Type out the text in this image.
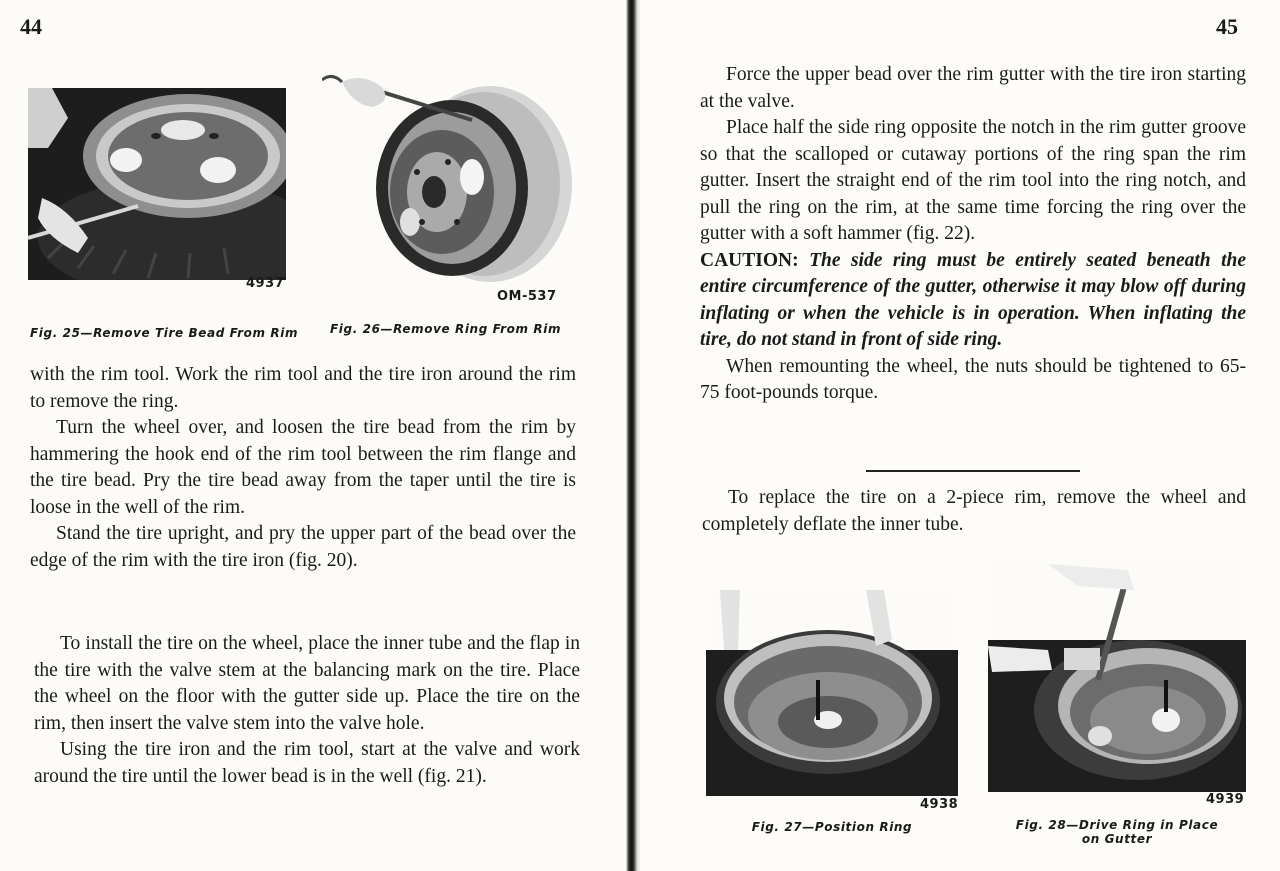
44
4937
OM-537
Fig. 25—Remove Tire Bead From Rim	Fig. 26—Remove Ring From Rim

with the rim tool. Work the rim tool and the tire iron around the rim to remove the ring.

Turn the wheel over, and loosen the tire bead from the rim by hammering the hook end of the rim tool between the rim flange and the tire bead. Pry the tire bead away from the taper until the tire is loose in the well of the rim.

Stand the tire upright, and pry the upper part of the bead over the edge of the rim with the tire iron (fig. 20).

To install the tire on the wheel, place the inner tube and the flap in the tire with the valve stem at the balancing mark on the tire. Place the wheel on the floor with the gutter side up. Place the tire on the rim, then insert the valve stem into the valve hole.

Using the tire iron and the rim tool, start at the valve and work around the tire until the lower bead is in the well (fig. 21).

45

Force the upper bead over the rim gutter with the tire iron starting at the valve.

Place half the side ring opposite the notch in the rim gutter groove so that the scalloped or cutaway portions of the ring span the rim gutter. Insert the straight end of the rim tool into the ring notch, and pull the ring on the rim, at the same time forcing the ring over the gutter with a soft hammer (fig. 22).

CAUTION: The side ring must be entirely seated beneath the entire circumference of the gutter, otherwise it may blow off during inflating or when the vehicle is in operation. When inflating the tire, do not stand in front of side ring.

When remounting the wheel, the nuts should be tightened to 65-75 foot-pounds torque.

To replace the tire on a 2-piece rim, remove the wheel and completely deflate the inner tube.

4938	4939
Fig. 27—Position Ring	Fig. 28—Drive Ring in Place
on Gutter
